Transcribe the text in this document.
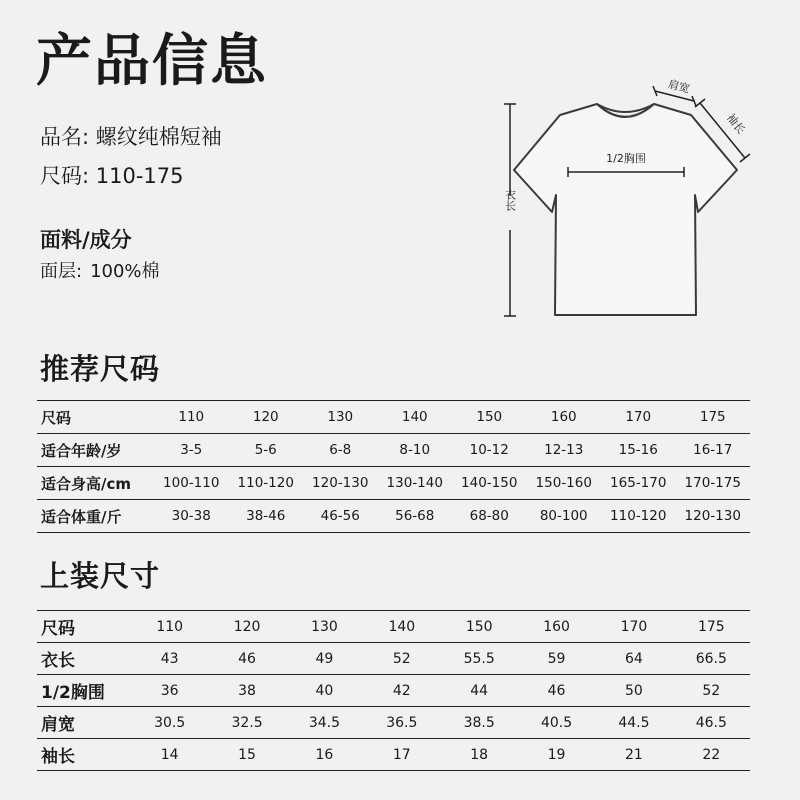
产品信息
品名: 螺纹纯棉短袖
尺码: 110-175
面料/成分
面层: 100%棉
衣长
1/2胸围
肩宽
袖长
推荐尺码
尺码	110	120	130	140	150	160	170	175
适合年龄/岁	3-5	5-6	6-8	8-10	10-12	12-13	15-16	16-17
适合身高/cm	100-110	110-120	120-130	130-140	140-150	150-160	165-170	170-175
适合体重/斤	30-38	38-46	46-56	56-68	68-80	80-100	110-120	120-130
上装尺寸
尺码	110	120	130	140	150	160	170	175
衣长	43	46	49	52	55.5	59	64	66.5
1/2胸围	36	38	40	42	44	46	50	52
肩宽	30.5	32.5	34.5	36.5	38.5	40.5	44.5	46.5
袖长	14	15	16	17	18	19	21	22
